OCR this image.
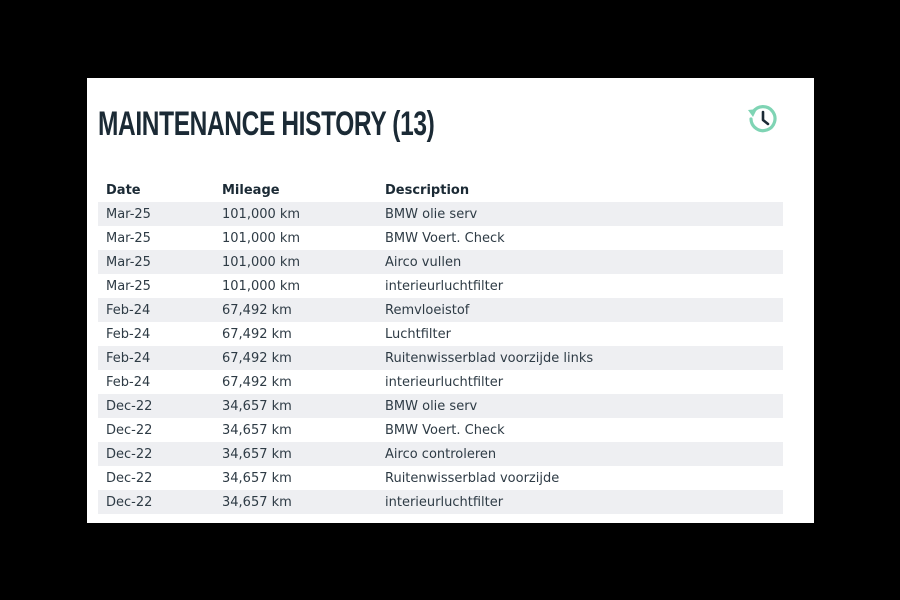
MAINTENANCE HISTORY (13)
Date	Mileage	Description
Mar-25	101,000 km	BMW olie serv
Mar-25	101,000 km	BMW Voert. Check
Mar-25	101,000 km	Airco vullen
Mar-25	101,000 km	interieurluchtfilter
Feb-24	67,492 km	Remvloeistof
Feb-24	67,492 km	Luchtfilter
Feb-24	67,492 km	Ruitenwisserblad voorzijde links
Feb-24	67,492 km	interieurluchtfilter
Dec-22	34,657 km	BMW olie serv
Dec-22	34,657 km	BMW Voert. Check
Dec-22	34,657 km	Airco controleren
Dec-22	34,657 km	Ruitenwisserblad voorzijde
Dec-22	34,657 km	interieurluchtfilter
